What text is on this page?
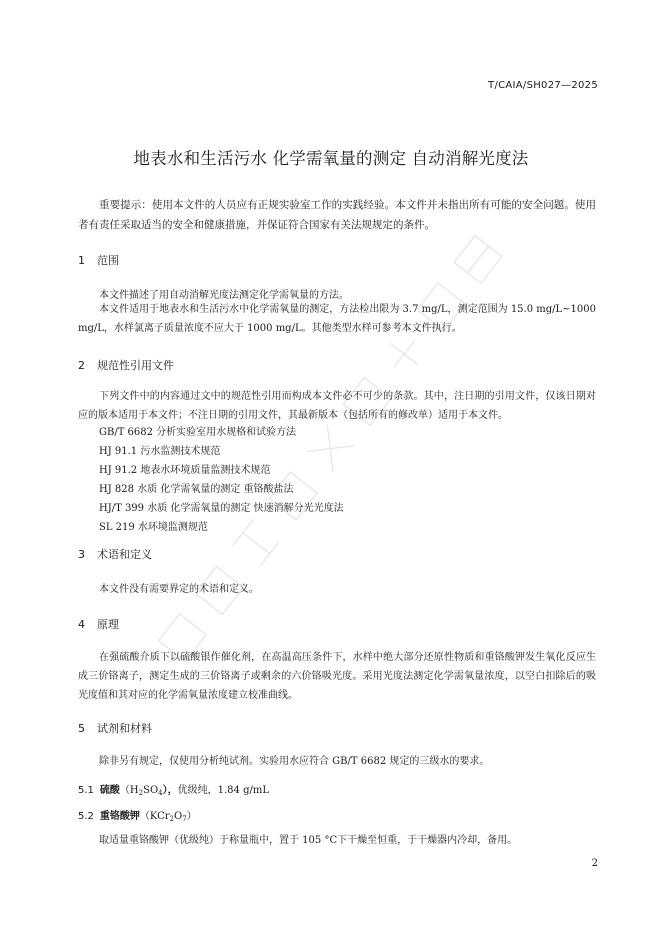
T/CAIA/SH027—2025
地表水和生活污水 化学需氧量的测定 自动消解光度法
重要提示：使用本文件的人员应有正规实验室工作的实践经验。本文件并未指出所有可能的安全问题。使用者有责任采取适当的安全和健康措施，并保证符合国家有关法规规定的条件。
1 范围
本文件描述了用自动消解光度法测定化学需氧量的方法。
本文件适用于地表水和生活污水中化学需氧量的测定，方法检出限为 3.7 mg/L，测定范围为 15.0 mg/L~1000 mg/L，水样氯离子质量浓度不应大于 1000 mg/L。其他类型水样可参考本文件执行。
2 规范性引用文件
下列文件中的内容通过文中的规范性引用而构成本文件必不可少的条款。其中，注日期的引用文件，仅该日期对应的版本适用于本文件；不注日期的引用文件，其最新版本（包括所有的修改单）适用于本文件。
GB/T 6682 分析实验室用水规格和试验方法
HJ 91.1 污水监测技术规范
HJ 91.2 地表水环境质量监测技术规范
HJ 828 水质 化学需氧量的测定 重铬酸盐法
HJ/T 399 水质 化学需氧量的测定 快速消解分光光度法
SL 219 水环境监测规范
3 术语和定义
本文件没有需要界定的术语和定义。
4 原理
在强硫酸介质下以硫酸银作催化剂，在高温高压条件下，水样中绝大部分还原性物质和重铬酸钾发生氧化反应生成三价铬离子，测定生成的三价铬离子或剩余的六价铬吸光度。采用光度法测定化学需氧量浓度，以空白扣除后的吸光度值和其对应的化学需氧量浓度建立校准曲线。
5 试剂和材料
除非另有规定，仅使用分析纯试剂。实验用水应符合 GB/T 6682 规定的三级水的要求。
5.1 硫酸$(H_2SO_4)$，优级纯，1.84 g/mL
5.2 重铬酸钾$(KCr_2O_7)$
取适量重铬酸钾（优级纯）于称量瓶中，置于 105 °C下干燥至恒重，于干燥器内冷却，备用。
2
